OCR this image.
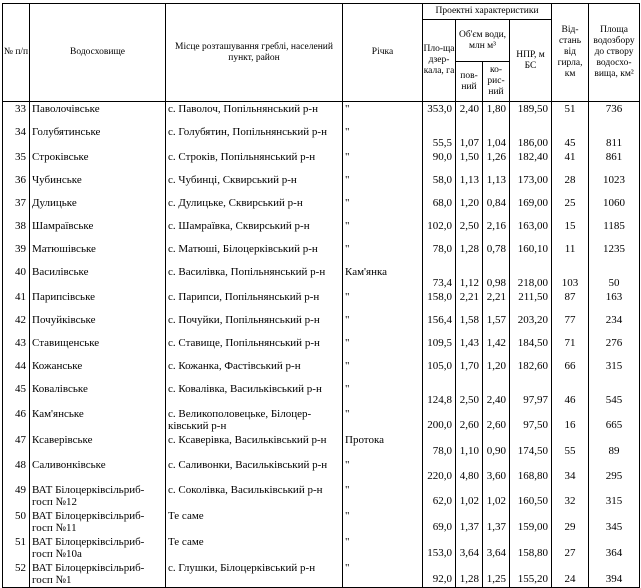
№ п/п	Водосховище	Місце розташування греблі, населений пункт, район	Річка	Проектні характеристики				Від-стань від гирла, км	Площа водозбору до створу водосхо-вища, км²
				Пло-ща дзер-кала, га	Об'єм води, млн м³		НПР, м БС		
					пов-ний	ко-рис-ний			
33	Паволочівське	с. Паволоч, Попільнянський р-н	"	353,0	2,40	1,80	189,50	51	736
34	Голубятинське	с. Голубятин, Попільнянський р-н	"	55,5	1,07	1,04	186,00	45	811
35	Строківське	с. Строків, Попільнянський р-н	"	90,0	1,50	1,26	182,40	41	861
36	Чубинське	с. Чубинці, Сквирський р-н	"	58,0	1,13	1,13	173,00	28	1023
37	Дулицьке	с. Дулицьке, Сквирський р-н	"	68,0	1,20	0,84	169,00	25	1060
38	Шамраївське	с. Шамраївка, Сквирський р-н	"	102,0	2,50	2,16	163,00	15	1185
39	Матюшівське	с. Матюші, Білоцерківський р-н	"	78,0	1,28	0,78	160,10	11	1235
40	Василівське	с. Василівка, Попільнянський р-н	Кам'янка	73,4	1,12	0,98	218,00	103	50
41	Парипсівське	с. Парипси, Попільнянський р-н	"	158,0	2,21	2,21	211,50	87	163
42	Почуйківське	с. Почуйки, Попільнянський р-н	"	156,4	1,58	1,57	203,20	77	234
43	Ставищенське	с. Ставище, Попільнянський р-н	"	109,5	1,43	1,42	184,50	71	276
44	Кожанське	с. Кожанка, Фастівський р-н	"	105,0	1,70	1,20	182,60	66	315
45	Ковалівське	с. Ковалівка, Васильківський р-н	"	124,8	2,50	2,40	97,97	46	545
46	Кам'янське	с. Великополовецьке, Білоцер-ківський р-н	"	200,0	2,60	2,60	97,50	16	665
47	Ксаверівське	с. Ксаверівка, Васильківський р-н	Протока	78,0	1,10	0,90	174,50	55	89
48	Саливонківське	с. Саливонки, Васильківський р-н	"	220,0	4,80	3,60	168,80	34	295
49	ВАТ Білоцерківсільриб-госп №12	с. Соколівка, Васильківський р-н	"	62,0	1,02	1,02	160,50	32	315
50	ВАТ Білоцерківсільриб-госп №11	Те саме	"	69,0	1,37	1,37	159,00	29	345
51	ВАТ Білоцерківсільриб-госп №10а	Те саме	"	153,0	3,64	3,64	158,80	27	364
52	ВАТ Білоцерківсільриб-госп №1	с. Глушки, Білоцерківський р-н	"	92,0	1,28	1,25	155,20	24	394
